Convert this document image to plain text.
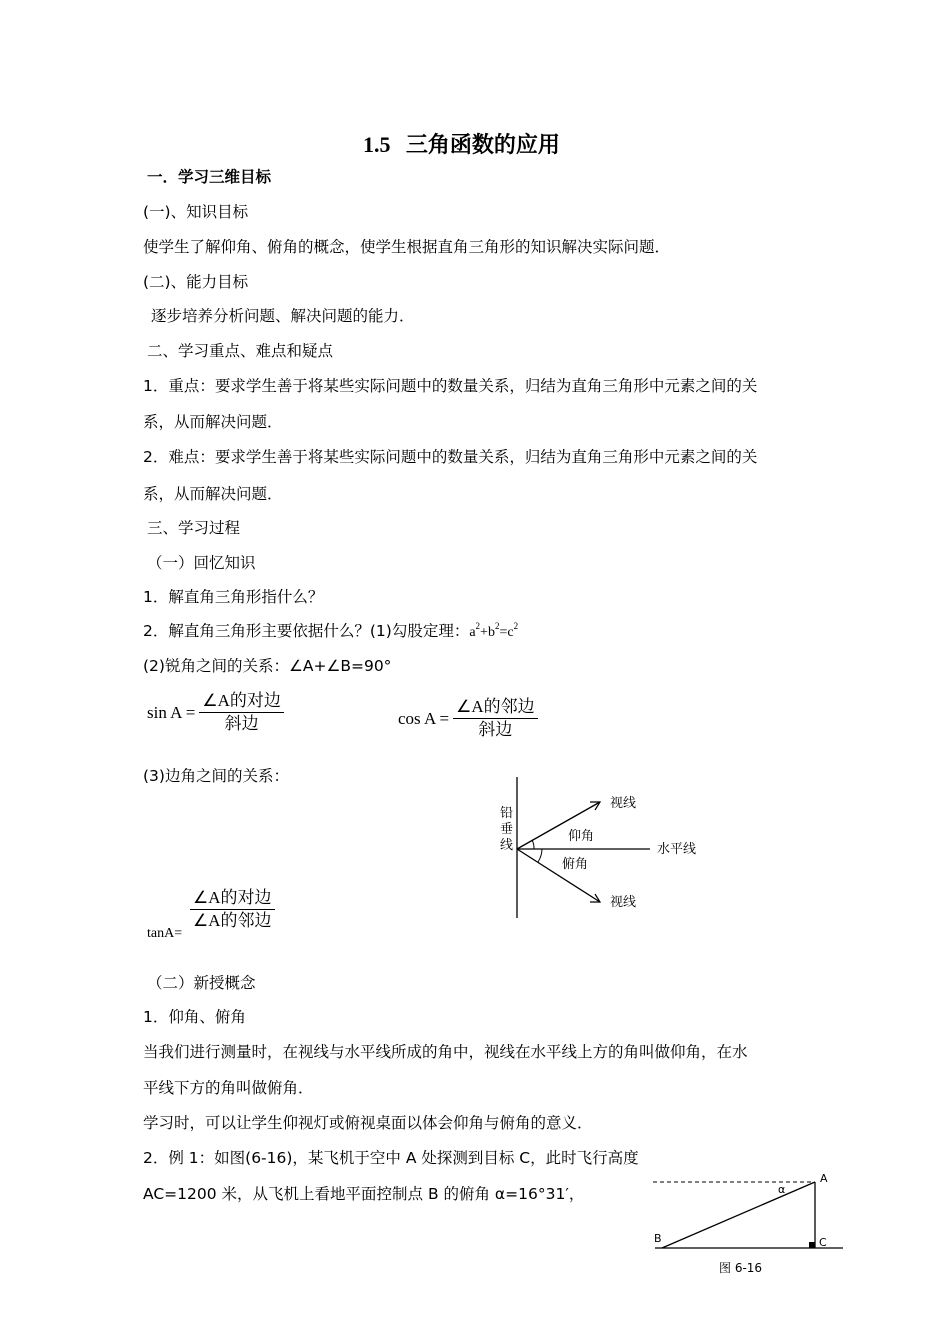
1.5 三角函数的应用
一．学习三维目标
(一)、知识目标
使学生了解仰角、俯角的概念，使学生根据直角三角形的知识解决实际问题．
(二)、能力目标
逐步培养分析问题、解决问题的能力．
二、学习重点、难点和疑点
1．重点：要求学生善于将某些实际问题中的数量关系，归结为直角三角形中元素之间的关
系，从而解决问题．
2．难点：要求学生善于将某些实际问题中的数量关系，归结为直角三角形中元素之间的关
系，从而解决问题．
三、学习过程
（一）回忆知识
1．解直角三角形指什么？
2．解直角三角形主要依据什么？(1)勾股定理：$a^2+b^2=c^2$
(2)锐角之间的关系：∠A+∠B=90°
$\sin A = \frac{\text{∠A的对边}}{\text{斜边}}$	$\cos A = \frac{\text{∠A的邻边}}{\text{斜边}}$
(3)边角之间的关系：
铅
垂
线
视线
仰角
水平线
俯角
视线
tanA=
∠A的对边
∠A的邻边
（二）新授概念
1．仰角、俯角
当我们进行测量时，在视线与水平线所成的角中，视线在水平线上方的角叫做仰角，在水
平线下方的角叫做俯角．
学习时，可以让学生仰视灯或俯视桌面以体会仰角与俯角的意义．
2．例 1：如图(6-16)，某飞机于空中 A 处探测到目标 C，此时飞行高度
AC=1200 米，从飞机上看地平面控制点 B 的俯角 α=16°31′，
A
B	C
α
图 6-16
